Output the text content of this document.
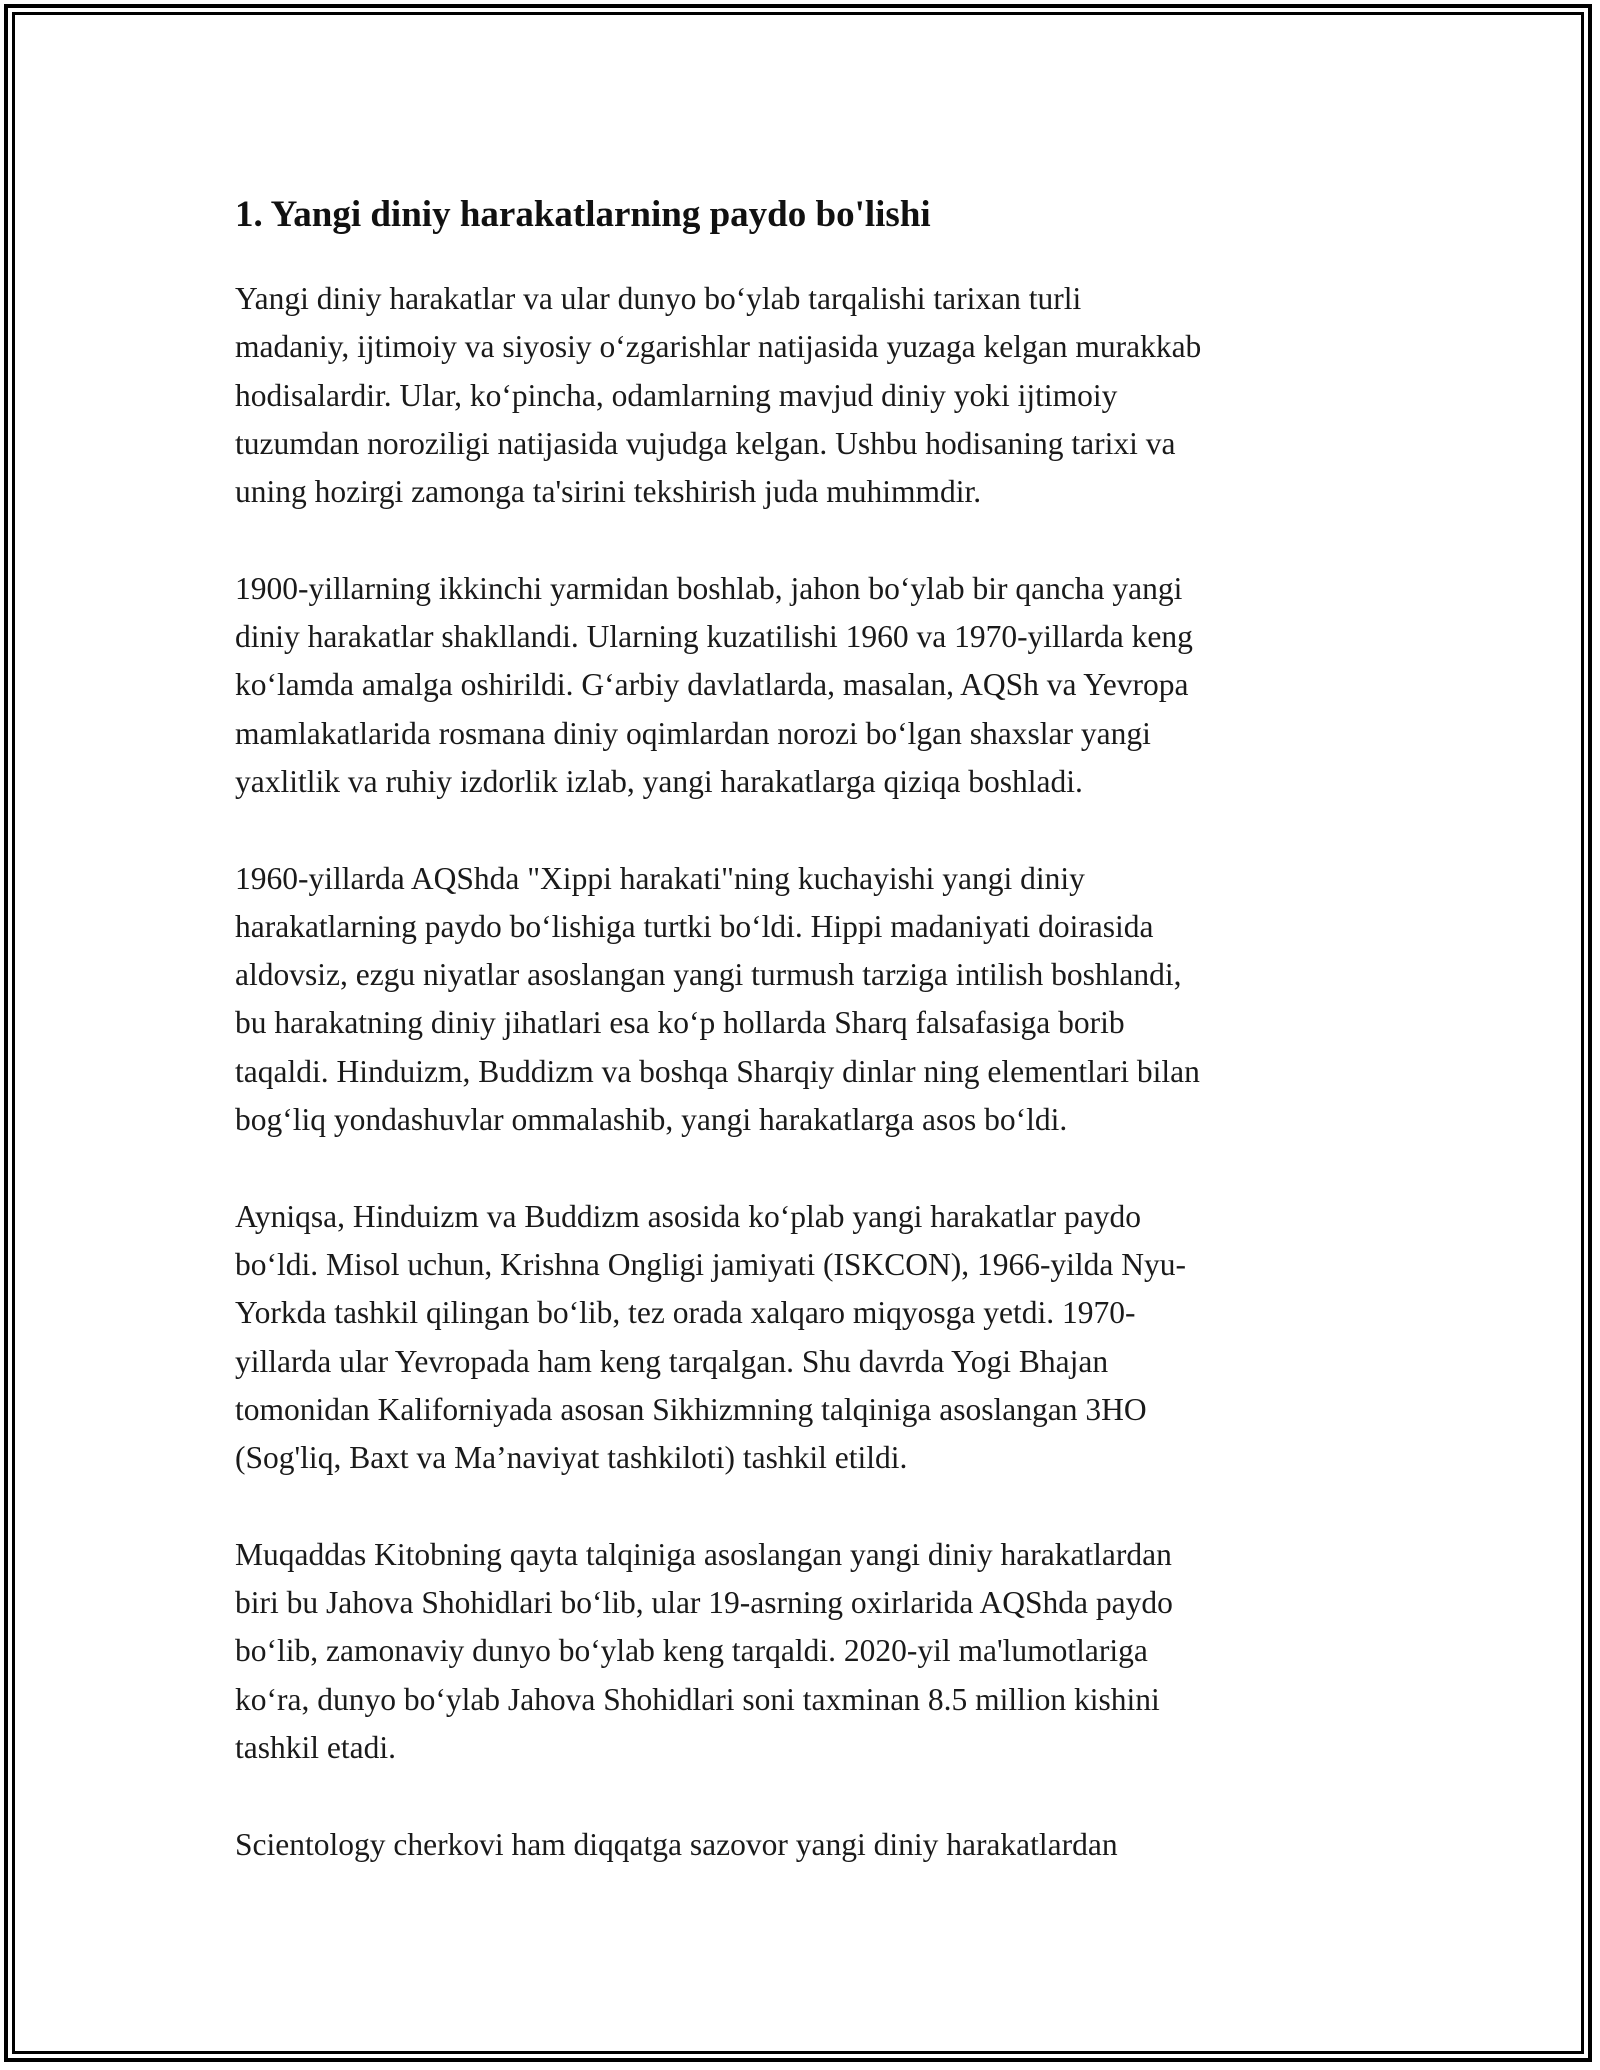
1. Yangi diniy harakatlarning paydo bo'lishi

Yangi diniy harakatlar va ular dunyo bo‘ylab tarqalishi tarixan turli
madaniy, ijtimoiy va siyosiy o‘zgarishlar natijasida yuzaga kelgan murakkab
hodisalardir. Ular, ko‘pincha, odamlarning mavjud diniy yoki ijtimoiy
tuzumdan noroziligi natijasida vujudga kelgan. Ushbu hodisaning tarixi va
uning hozirgi zamonga ta'sirini tekshirish juda muhimmdir.

1900-yillarning ikkinchi yarmidan boshlab, jahon bo‘ylab bir qancha yangi
diniy harakatlar shakllandi. Ularning kuzatilishi 1960 va 1970-yillarda keng
ko‘lamda amalga oshirildi. G‘arbiy davlatlarda, masalan, AQSh va Yevropa
mamlakatlarida rosmana diniy oqimlardan norozi bo‘lgan shaxslar yangi
yaxlitlik va ruhiy izdorlik izlab, yangi harakatlarga qiziqa boshladi.

1960-yillarda AQShda "Xippi harakati"ning kuchayishi yangi diniy
harakatlarning paydo bo‘lishiga turtki bo‘ldi. Hippi madaniyati doirasida
aldovsiz, ezgu niyatlar asoslangan yangi turmush tarziga intilish boshlandi,
bu harakatning diniy jihatlari esa ko‘p hollarda Sharq falsafasiga borib
taqaldi. Hinduizm, Buddizm va boshqa Sharqiy dinlar ning elementlari bilan
bog‘liq yondashuvlar ommalashib, yangi harakatlarga asos bo‘ldi.

Ayniqsa, Hinduizm va Buddizm asosida ko‘plab yangi harakatlar paydo
bo‘ldi. Misol uchun, Krishna Ongligi jamiyati (ISKCON), 1966-yilda Nyu-
Yorkda tashkil qilingan bo‘lib, tez orada xalqaro miqyosga yetdi. 1970-
yillarda ular Yevropada ham keng tarqalgan. Shu davrda Yogi Bhajan
tomonidan Kaliforniyada asosan Sikhizmning talqiniga asoslangan 3HO
(Sog'liq, Baxt va Ma’naviyat tashkiloti) tashkil etildi.

Muqaddas Kitobning qayta talqiniga asoslangan yangi diniy harakatlardan
biri bu Jahova Shohidlari bo‘lib, ular 19-asrning oxirlarida AQShda paydo
bo‘lib, zamonaviy dunyo bo‘ylab keng tarqaldi. 2020-yil ma'lumotlariga
ko‘ra, dunyo bo‘ylab Jahova Shohidlari soni taxminan 8.5 million kishini
tashkil etadi.

Scientology cherkovi ham diqqatga sazovor yangi diniy harakatlardan
